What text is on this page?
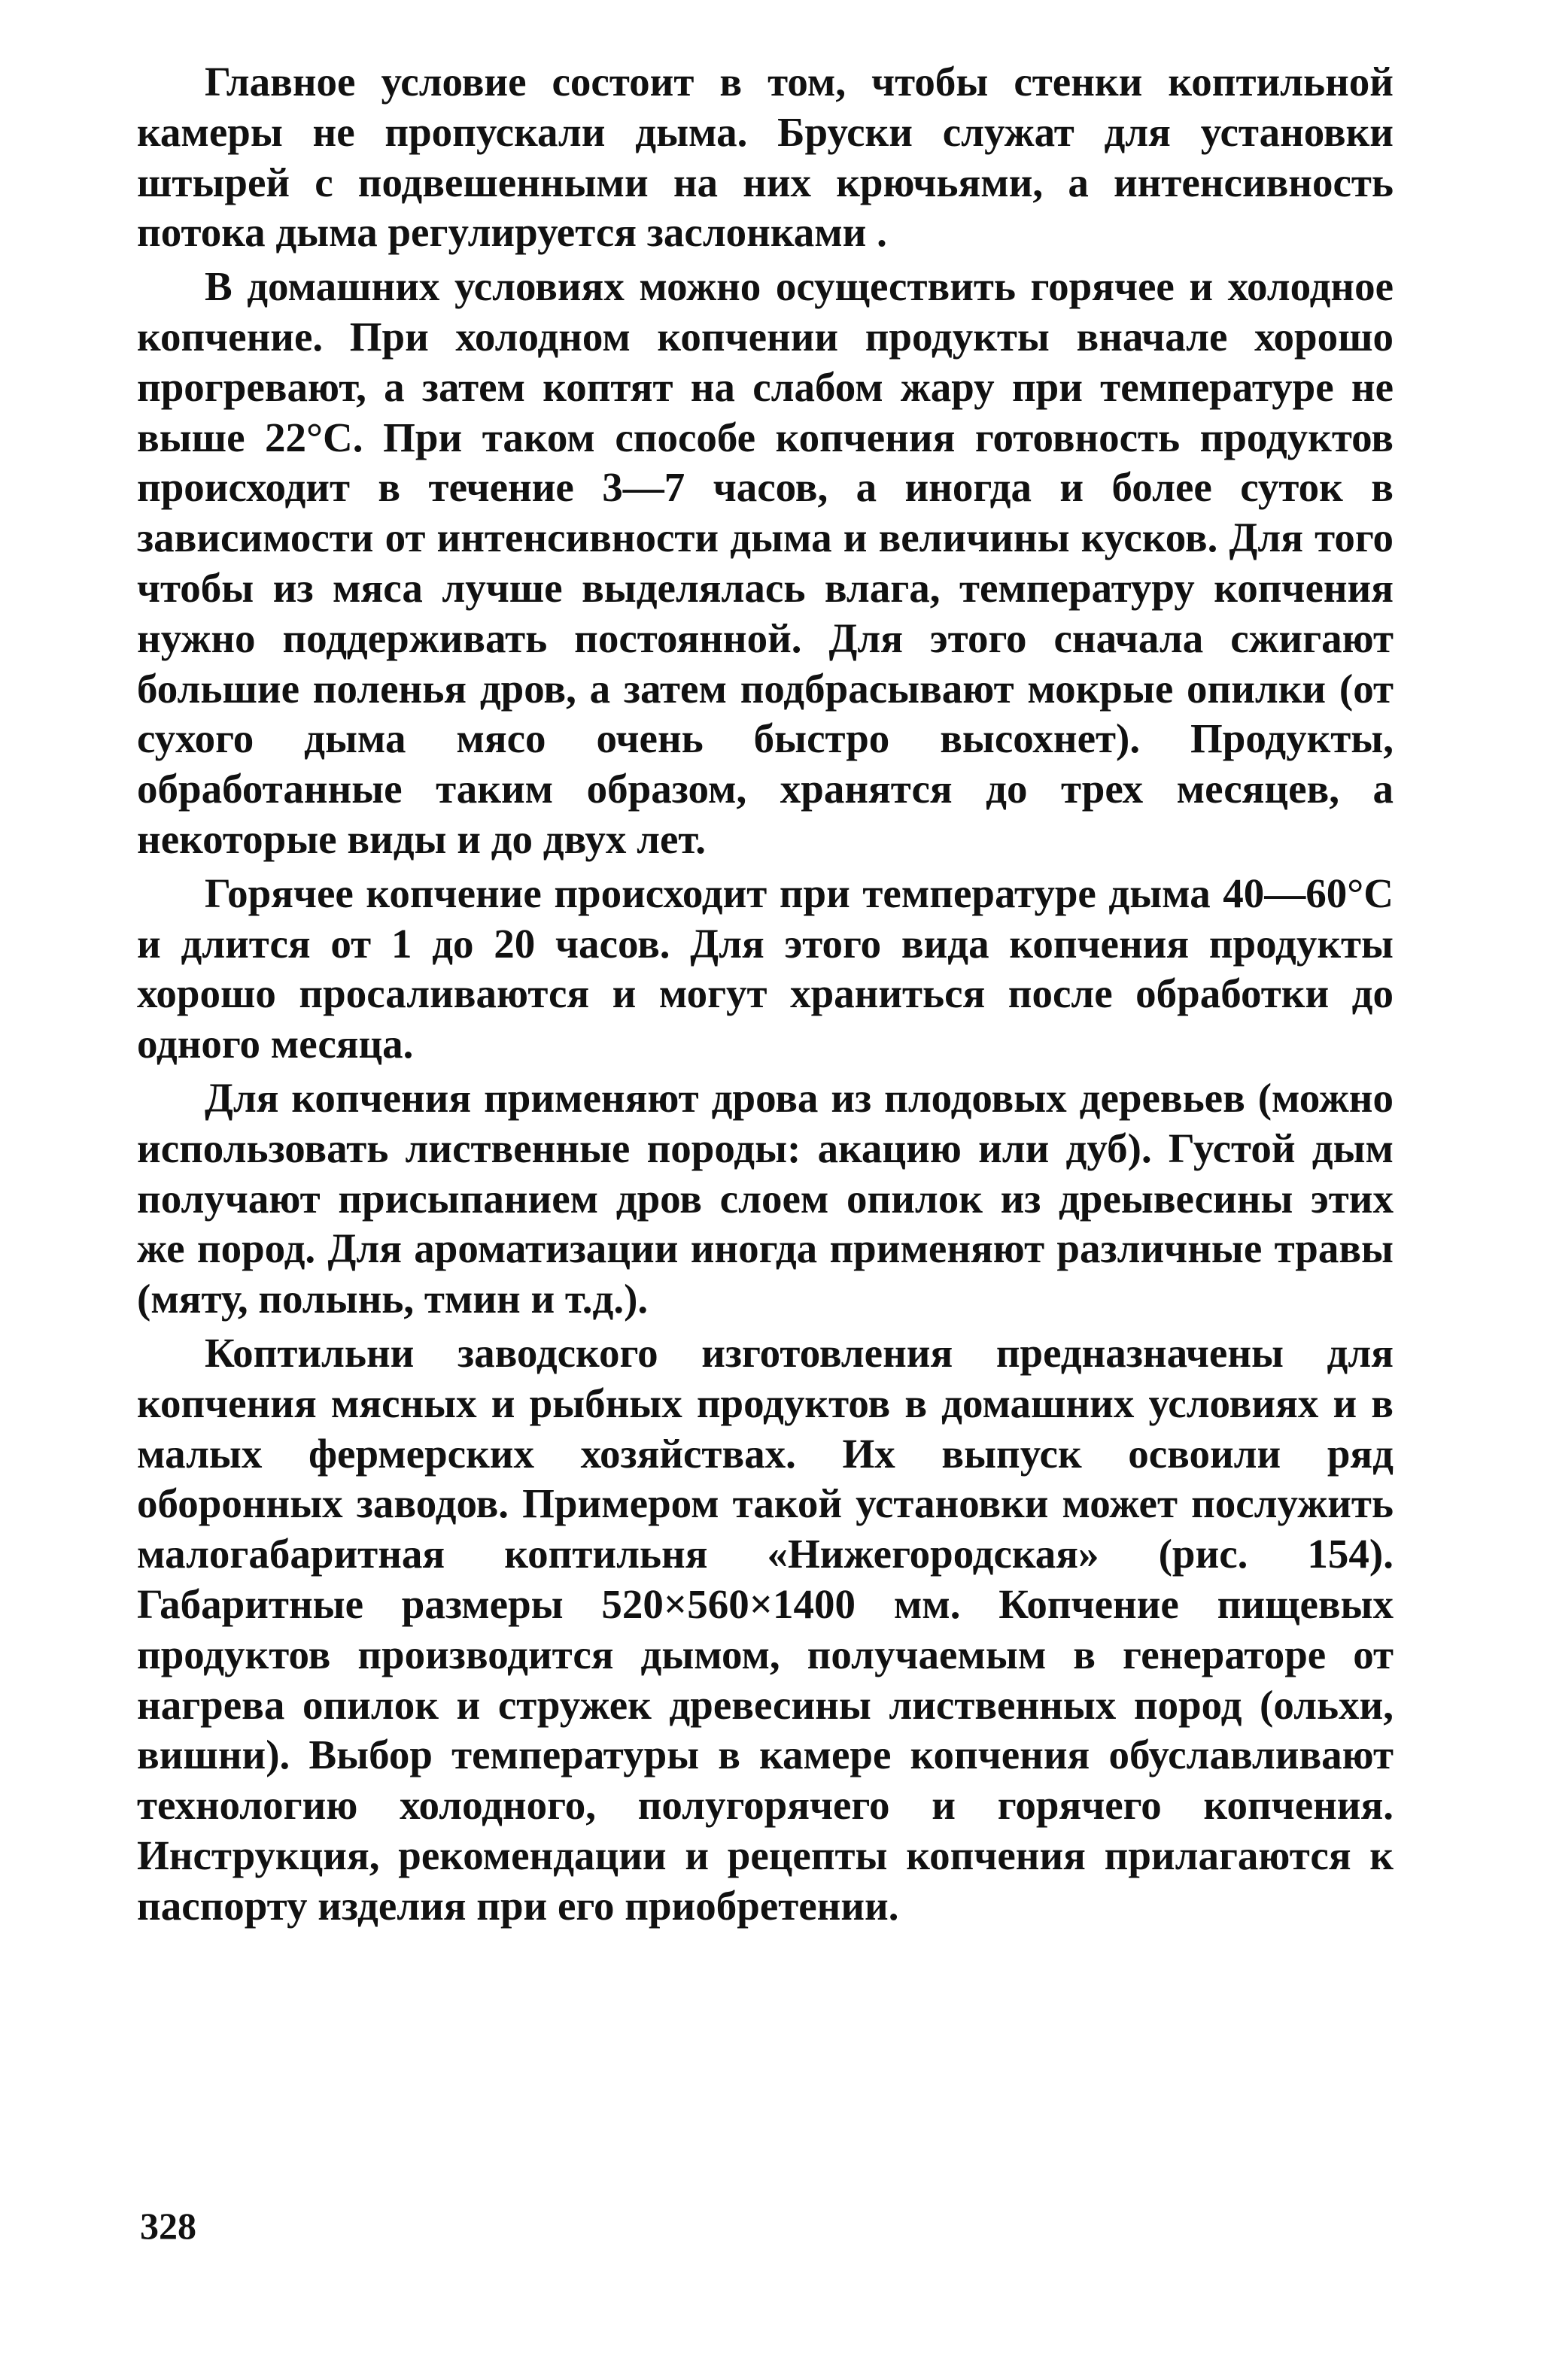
Главное условие состоит в том, чтобы стенки коптильной камеры не пропускали дыма. Бруски служат для установки штырей с подвешенными на них крючьями, а интенсивность потока дыма регулируется заслонками .

В домашних условиях можно осуществить горячее и холодное копчение. При холодном копчении продукты вначале хорошо прогревают, а затем коптят на слабом жару при температуре не выше 22°С. При таком способе копчения готовность продуктов происходит в течение 3—7 часов, а иногда и более суток в зависимости от интенсивности дыма и величины кусков. Для того чтобы из мяса лучше выделялась влага, температуру копчения нужно поддерживать постоянной. Для этого сначала сжигают большие поленья дров, а затем подбрасывают мокрые опилки (от сухого дыма мясо очень быстро высохнет). Продукты, обработанные таким образом, хранятся до трех месяцев, а некоторые виды и до двух лет.

Горячее копчение происходит при температуре дыма 40—60°С и длится от 1 до 20 часов. Для этого вида копчения продукты хорошо просаливаются и могут храниться после обработки до одного месяца.

Для копчения применяют дрова из плодовых деревьев (можно использовать лиственные породы: акацию или дуб). Густой дым получают присыпанием дров слоем опилок из дреывесины этих же пород. Для ароматизации иногда применяют различные травы (мяту, полынь, тмин и т.д.).

Коптильни заводского изготовления предназначены для копчения мясных и рыбных продуктов в домашних условиях и в малых фермерских хозяйствах. Их выпуск освоили ряд оборонных заводов. Примером такой установки может послужить малогабаритная коптильня «Нижегородская» (рис. 154). Габаритные размеры 520×560×1400 мм. Копчение пищевых продуктов производится дымом, получаемым в генераторе от нагрева опилок и стружек древесины лиственных пород (ольхи, вишни). Выбор температуры в камере копчения обуславливают технологию холодного, полугорячего и горячего копчения. Инструкция, рекомендации и рецепты копчения прилагаются к паспорту изделия при его приобретении.

328
